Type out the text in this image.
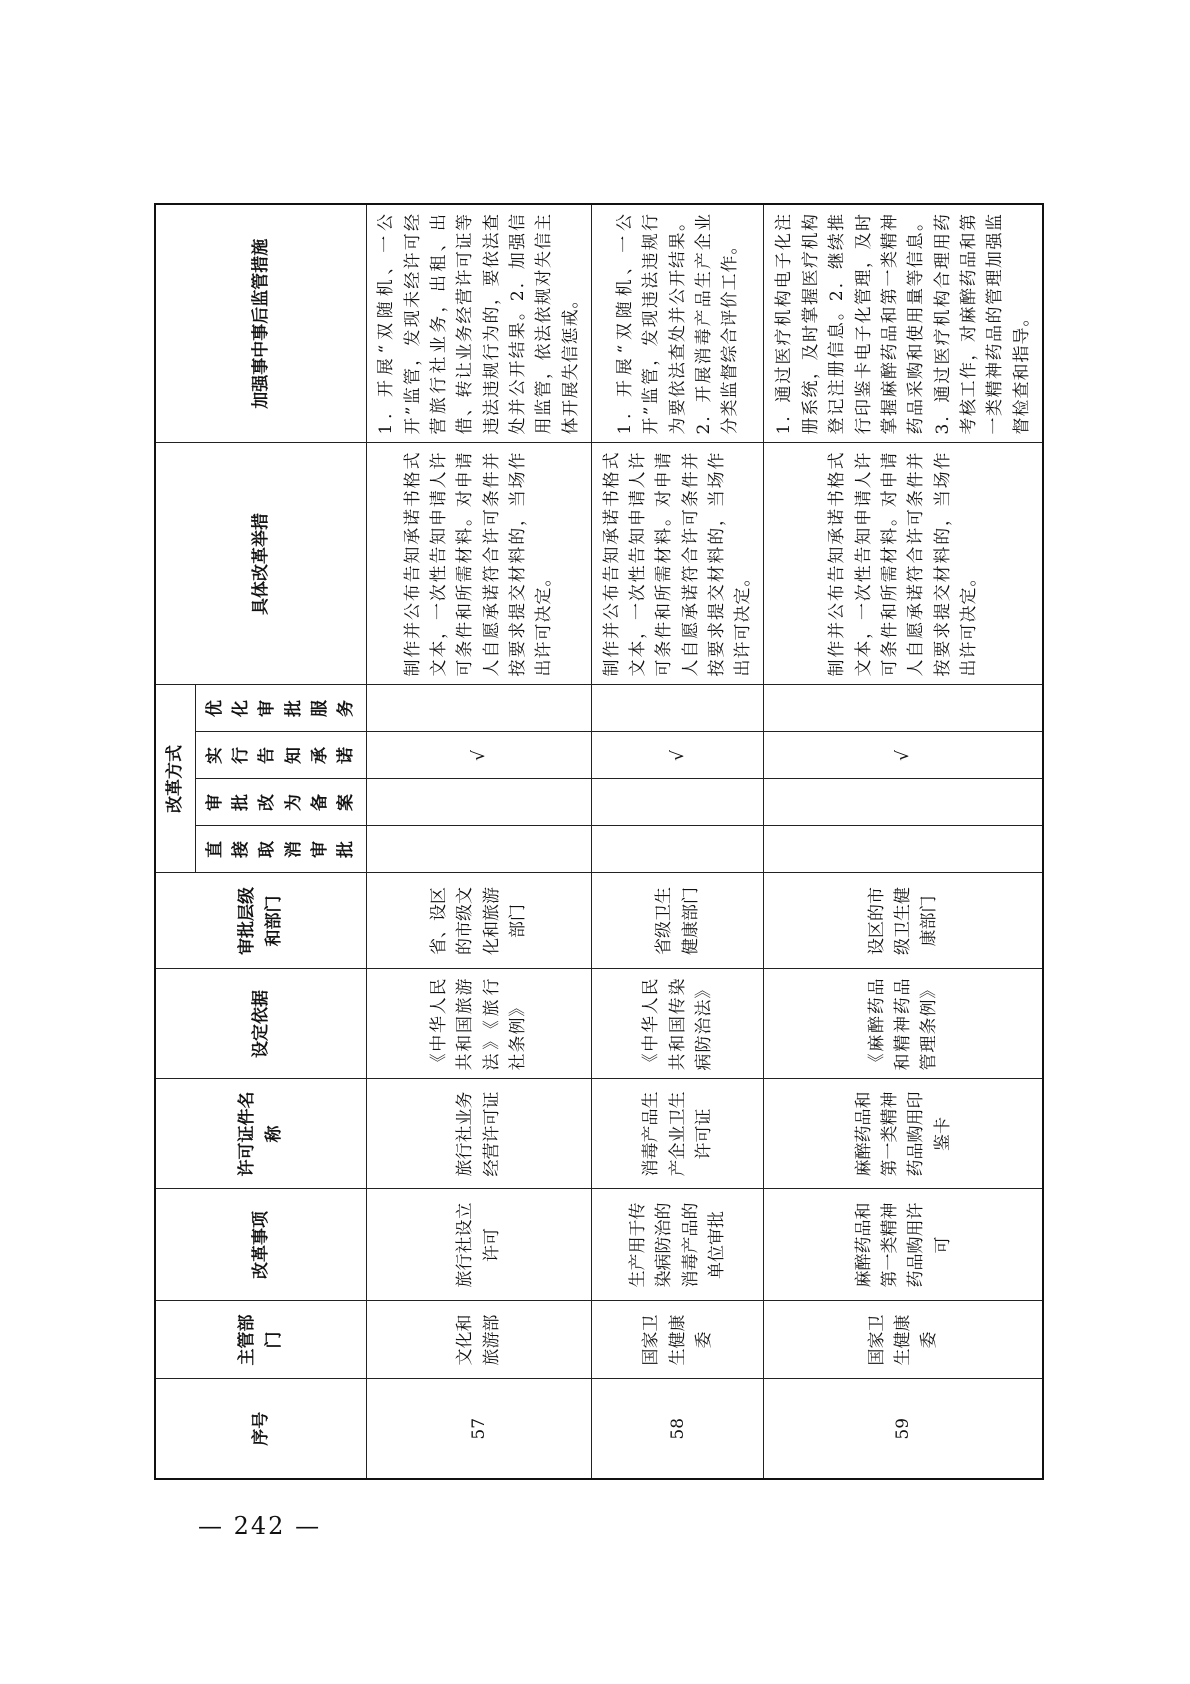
序号	主管部门	改革事项	许可证件名称	设定依据	审批层级和部门	改革方式				具体改革举措	加强事中事后监管措施
						直接取消审批	审批改为备案	实行告知承诺	优化审批服务		
57	文化和旅游部	旅行社设立许可	旅行社业务经营许可证	《中华人民共和国旅游法》《旅行社条例》	省、设区的市级文化和旅游部门			√		制作并公布告知承诺书格式文本，一次性告知申请人许可条件和所需材料。对申请人自愿承诺符合许可条件并按要求提交材料的，当场作出许可决定。	1．开展“双随机、一公开”监管，发现未经许可经营旅行社业务，出租、出借、转让业务经营许可证等违法违规行为的，要依法查处并公开结果。2．加强信用监管，依法依规对失信主体开展失信惩戒。
58	国家卫生健康委	生产用于传染病防治的消毒产品的单位审批	消毒产品生产企业卫生许可证	《中华人民共和国传染病防治法》	省级卫生健康部门			√		制作并公布告知承诺书格式文本，一次性告知申请人许可条件和所需材料。对申请人自愿承诺符合许可条件并按要求提交材料的，当场作出许可决定。	1．开展“双随机、一公开”监管，发现违法违规行为要依法查处并公开结果。2．开展消毒产品生产企业分类监督综合评价工作。
59	国家卫生健康委	麻醉药品和第一类精神药品购用许可	麻醉药品和第一类精神药品购用印鉴卡	《麻醉药品和精神药品管理条例》	设区的市级卫生健康部门			√		制作并公布告知承诺书格式文本，一次性告知申请人许可条件和所需材料。对申请人自愿承诺符合许可条件并按要求提交材料的，当场作出许可决定。	1．通过医疗机构电子化注册系统，及时掌握医疗机构登记注册信息。2．继续推行印鉴卡电子化管理，及时掌握麻醉药品和第一类精神药品采购和使用量等信息。3．通过医疗机构合理用药考核工作，对麻醉药品和第一类精神药品的管理加强监督检查和指导。
— 242 —
